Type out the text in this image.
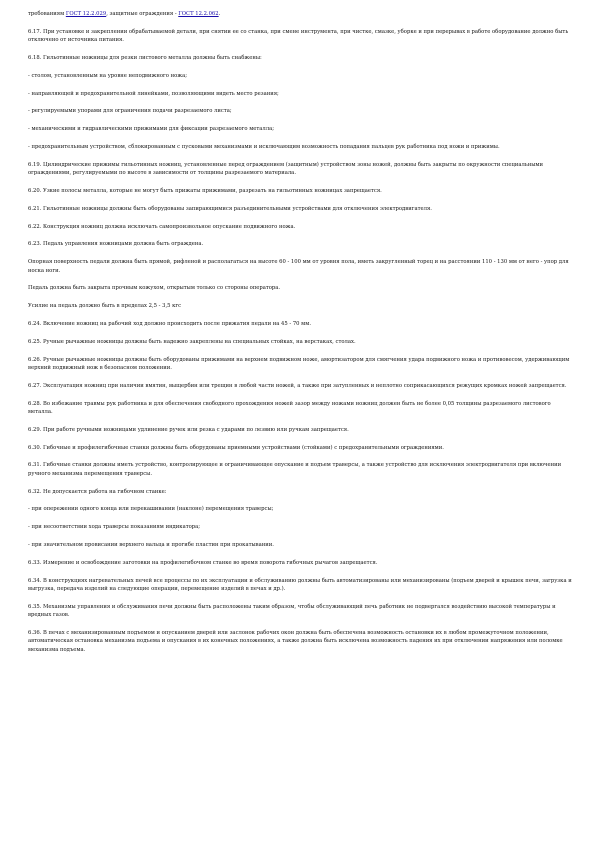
требованиям ГОСТ 12.2.029, защитные ограждения - ГОСТ 12.2.062.

6.17. При установке и закреплении обрабатываемой детали, при снятии ее со станка, при смене инструмента, при чистке, смазке, уборке и при перерывах в работе оборудование должно быть отключено от источника питания.

6.18. Гильотинные ножницы для резки листового металла должны быть снабжены:

- столом, установленным на уровне неподвижного ножа;

- направляющей и предохранительной линейками, позволяющими видеть место резания;

- регулируемыми упорами для ограничения подачи разрезаемого листа;

- механическими и гидравлическими прижимами для фиксации разрезаемого металла;

- предохранительным устройством, сблокированным с пусковыми механизмами и исключающим возможность попадания пальцев рук работника под ножи и прижимы.

6.19. Цилиндрические прижимы гильотинных ножниц, установленные перед ограждением (защитным) устройством зоны ножей, должны быть закрыты по окружности специальными ограждениями, регулируемыми по высоте в зависимости от толщины разрезаемого материала.

6.20. Узкие полосы металла, которые не могут быть прижаты прижимами, разрезать на гильотинных ножницах запрещается.

6.21. Гильотинные ножницы должны быть оборудованы запирающимися разъединительными устройствами для отключения электродвигателя.

6.22. Конструкция ножниц должна исключать самопроизвольное опускание подвижного ножа.

6.23. Педаль управления ножницами должна быть ограждена.

Опорная поверхность педали должна быть прямой, рифленой и располагаться на высоте 60 - 100 мм от уровня пола, иметь закругленный торец и на расстоянии 110 - 130 мм от него - упор для носка ноги.

Педаль должна быть закрыта прочным кожухом, открытым только со стороны оператора.

Усилие на педаль должно быть в пределах 2,5 - 3,5 кгс

6.24. Включение ножниц на рабочий ход должно происходить после прижатия педали на 45 - 70 мм.

6.25. Ручные рычажные ножницы должны быть надежно закреплены на специальных стойках, на верстаках, столах.

6.26. Ручные рычажные ножницы должны быть оборудованы прижимами на верхнем подвижном ноже, амортизатором для смягчения удара подвижного ножа и противовесом, удерживающим верхний подвижный нож в безопасном положении.

6.27. Эксплуатация ножниц при наличии вмятин, выщербин или трещин в любой части ножей, а также при затупленных и неплотно соприкасающихся режущих кромках ножей запрещается.

6.28. Во избежание травмы рук работника и для обеспечения свободного прохождения ножей зазор между ножами ножниц должен быть не более 0,05 толщины разрезаемого листового металла.

6.29. При работе ручными ножницами удлинение ручек или резка с ударами по лезвию или ручкам запрещается.

6.30. Гибочные и профилегибочные станки должны быть оборудованы приемными устройствами (стойками) с предохранительными ограждениями.

6.31. Гибочные станки должны иметь устройство, контролирующее и ограничивающее опускание и подъем траверсы, а также устройство для исключения электродвигателя при включении ручного механизма перемещения траверсы.

6.32. Не допускается работа на гибочном станке:

- при опережении одного конца или перекашивании (наклоне) перемещения траверсы;

- при несоответствии хода траверсы показаниям индикатора;

- при значительном провисании верхнего вальца и прогибе пластин при прокатывании.

6.33. Измерение и освобождение заготовки на профилегибочном станке во время поворота гибочных рычагов запрещается.

6.34. В конструкциях нагревательных печей все процессы по их эксплуатации и обслуживанию должны быть автоматизированы или механизированы (подъем дверей и крышек печи, загрузка и выгрузка, передача изделий на следующие операции, перемещение изделий в печах и др.).

6.35. Механизмы управления и обслуживания печи должны быть расположены таким образом, чтобы обслуживающий печь работник не подвергался воздействию высокой температуры и вредных газов.

6.36. В печах с механизированным подъемом и опусканием дверей или заслонок рабочих окон должна быть обеспечена возможность остановки их в любом промежуточном положении, автоматическая остановка механизма подъема и опускания в их конечных положениях, а также должна быть исключена возможность падения их при отключении напряжения или поломке механизма подъема.
